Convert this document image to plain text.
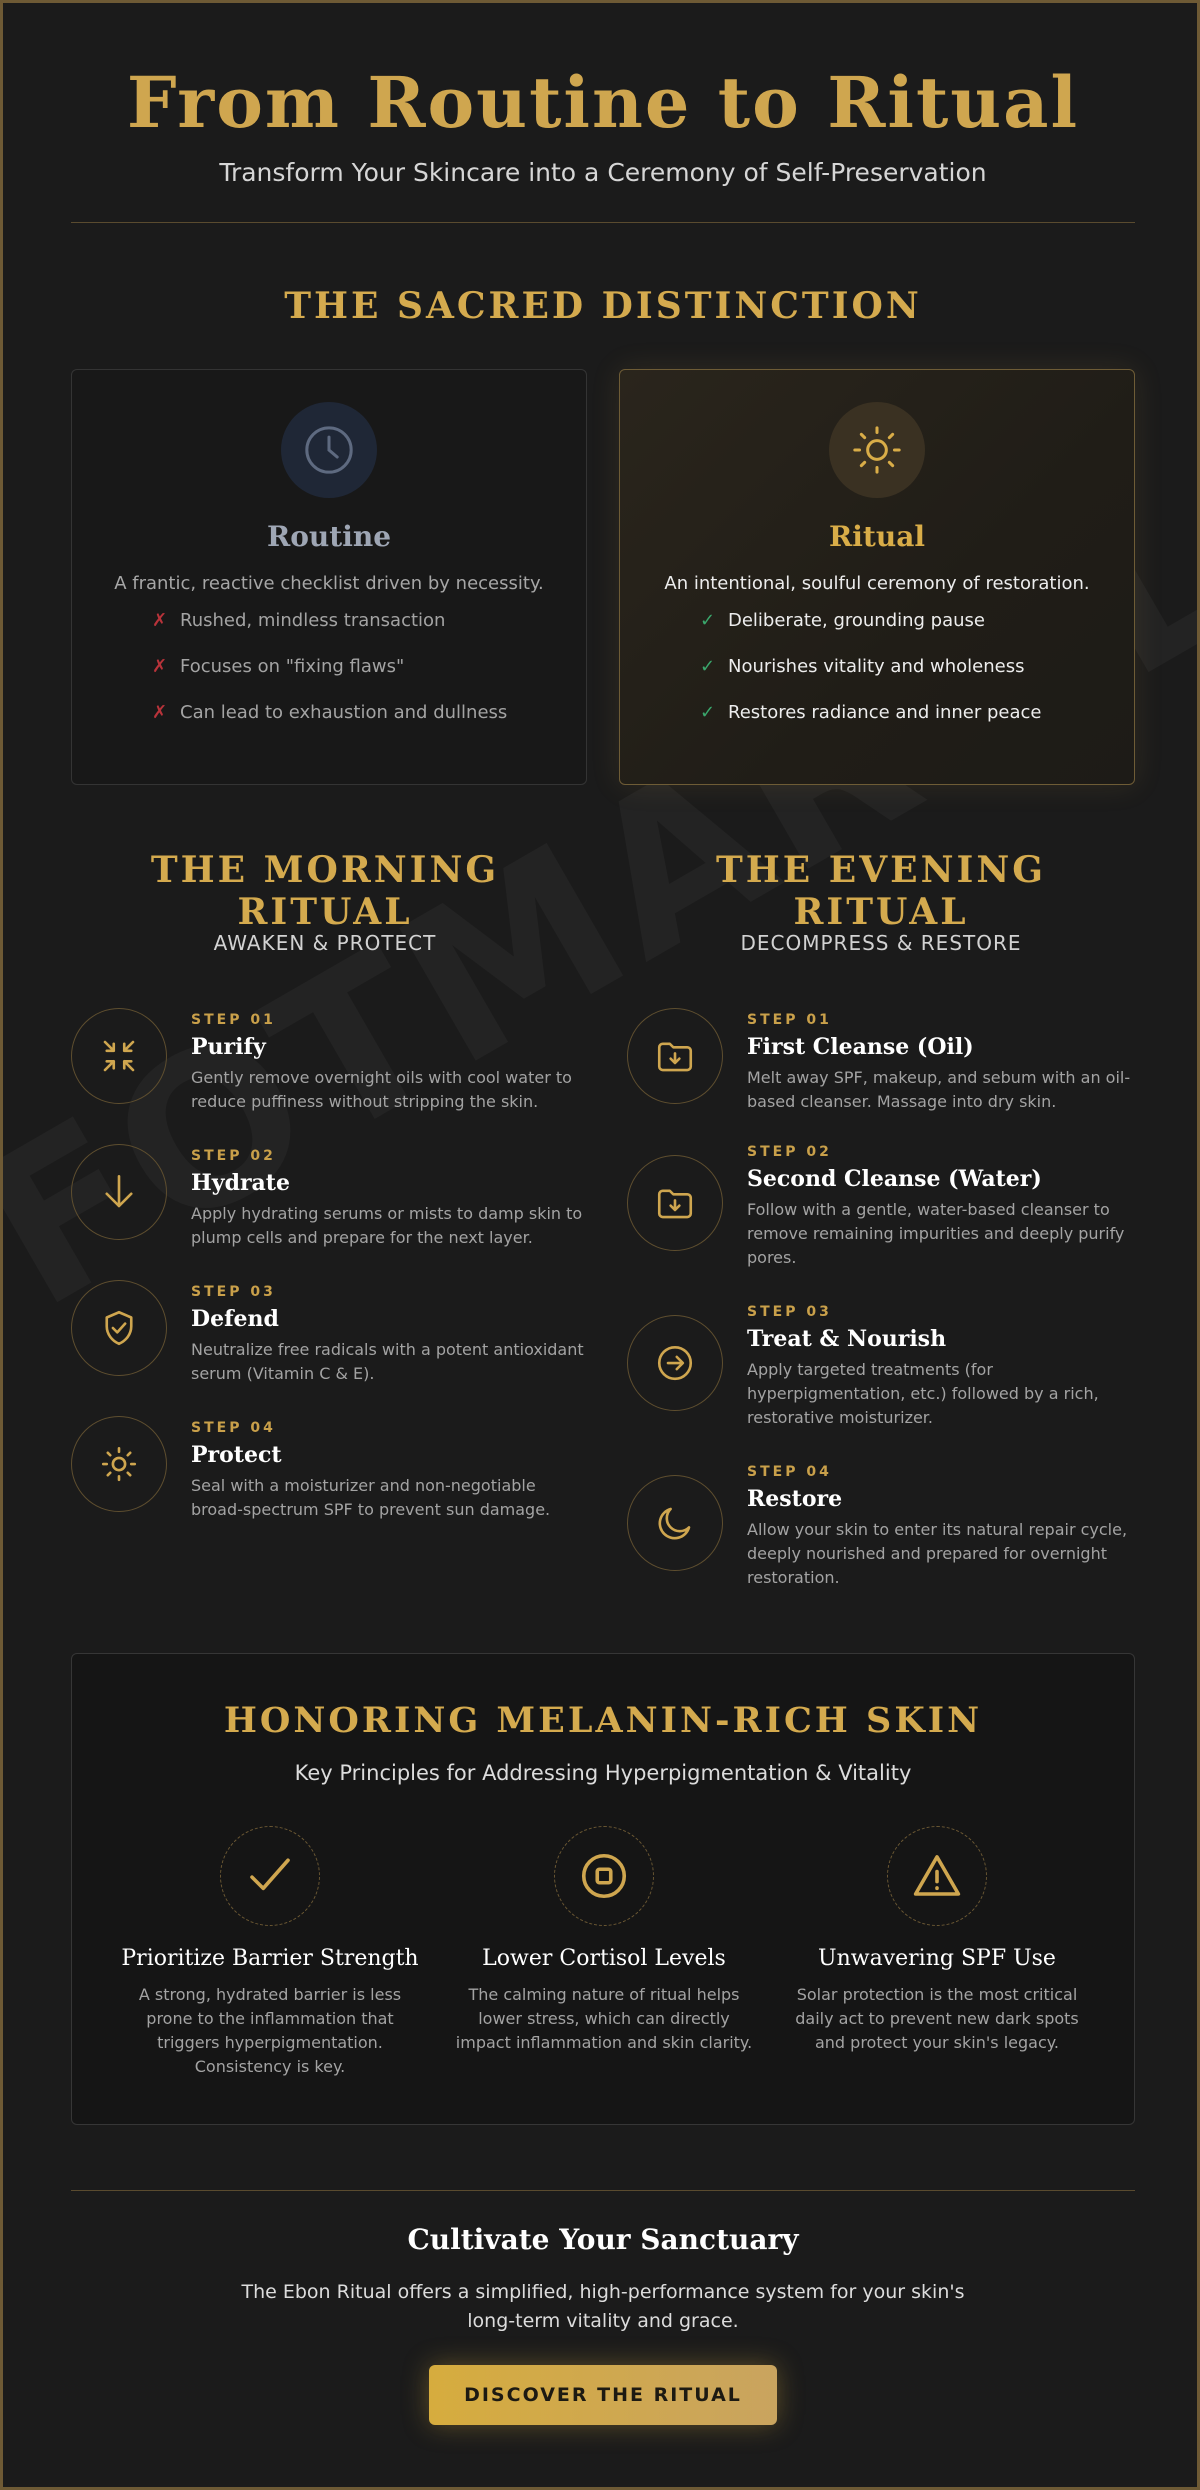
From Routine to Ritual

Transform Your Skincare into a Ceremony of Self-Preservation

THE SACRED DISTINCTION
Routine
A frantic, reactive checklist driven by necessity.
✗ Rushed, mindless transaction
✗ Focuses on "fixing flaws"
✗ Can lead to exhaustion and dullness
Ritual
An intentional, soulful ceremony of restoration.
✓ Deliberate, grounding pause
✓ Nourishes vitality and wholeness
✓ Restores radiance and inner peace
THE MORNING RITUAL
AWAKEN & PROTECT
STEP 01
Purify
Gently remove overnight oils with cool water to reduce puffiness without stripping the skin.
STEP 02
Hydrate
Apply hydrating serums or mists to damp skin to plump cells and prepare for the next layer.
STEP 03
Defend
Neutralize free radicals with a potent antioxidant serum (Vitamin C & E).
STEP 04
Protect
Seal with a moisturizer and non-negotiable broad-spectrum SPF to prevent sun damage.
THE EVENING RITUAL
DECOMPRESS & RESTORE
STEP 01
First Cleanse (Oil)
Melt away SPF, makeup, and sebum with an oil-based cleanser. Massage into dry skin.
STEP 02
Second Cleanse (Water)
Follow with a gentle, water-based cleanser to remove remaining impurities and deeply purify pores.
STEP 03
Treat & Nourish
Apply targeted treatments (for hyperpigmentation, etc.) followed by a rich, restorative moisturizer.
STEP 04
Restore
Allow your skin to enter its natural repair cycle, deeply nourished and prepared for overnight restoration.
HONORING MELANIN-RICH SKIN
Key Principles for Addressing Hyperpigmentation & Vitality
Prioritize Barrier Strength
A strong, hydrated barrier is less prone to the inflammation that triggers hyperpigmentation. Consistency is key.
Lower Cortisol Levels
The calming nature of ritual helps lower stress, which can directly impact inflammation and skin clarity.
Unwavering SPF Use
Solar protection is the most critical daily act to prevent new dark spots and protect your skin's legacy.
Cultivate Your Sanctuary

The Ebon Ritual offers a simplified, high-performance system for your skin's long-term vitality and grace.

DISCOVER THE RITUAL
